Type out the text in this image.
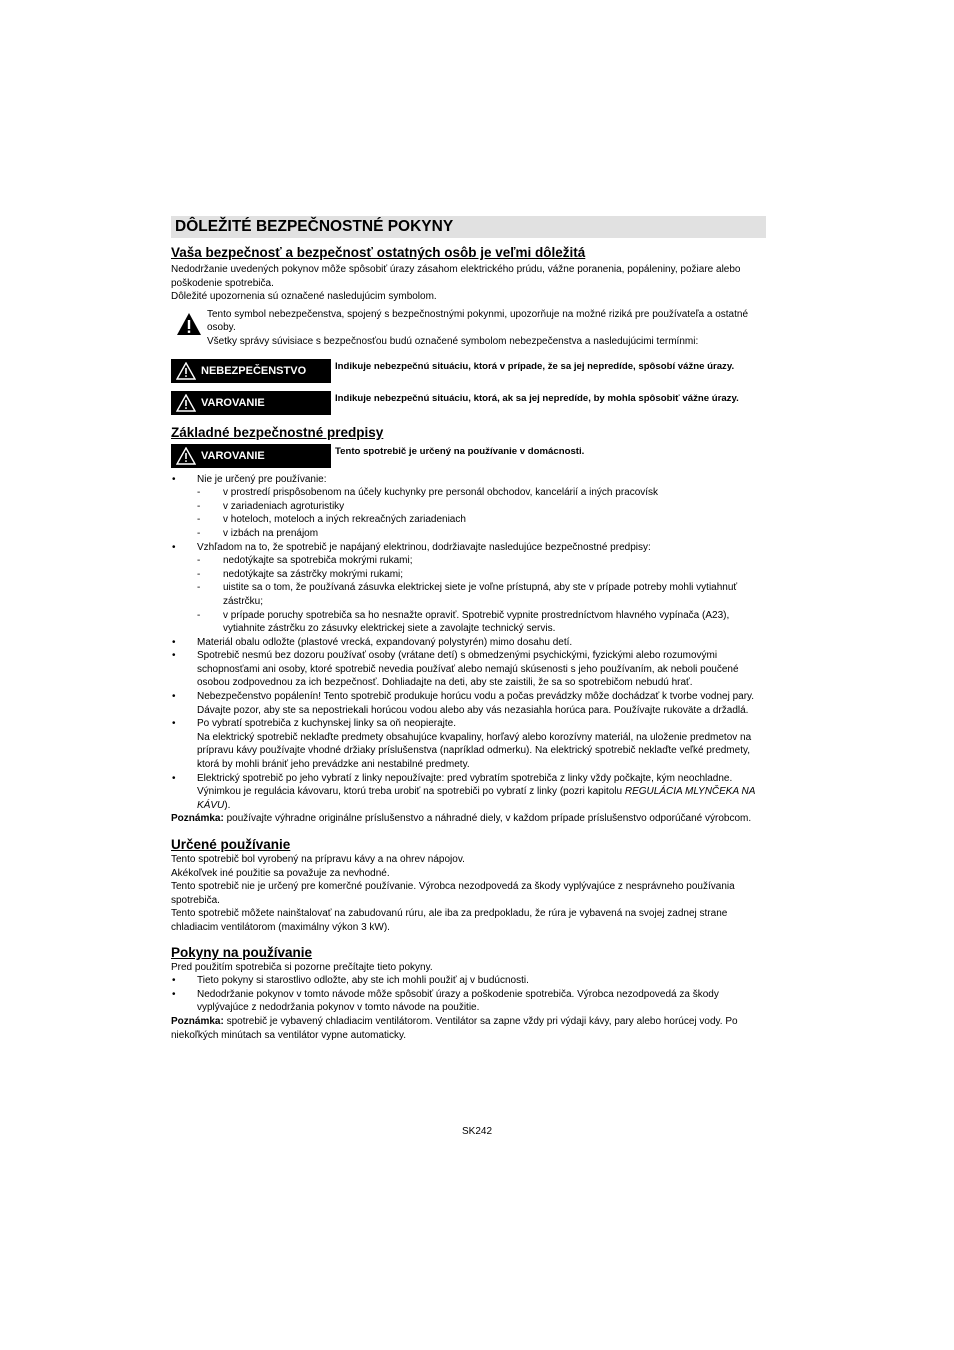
DÔLEŽITÉ BEZPEČNOSTNÉ POKYNY
Vaša bezpečnosť a bezpečnosť ostatných osôb je veľmi dôležitá

Nedodržanie uvedených pokynov môže spôsobiť úrazy zásahom elektrického prúdu, vážne poranenia, popáleniny, požiare alebo poškodenie spotrebiča.

Dôležité upozornenia sú označené nasledujúcim symbolom.

Tento symbol nebezpečenstva, spojený s bezpečnostnými pokynmi, upozorňuje na možné riziká pre používateľa a ostatné osoby.

Všetky správy súvisiace s bezpečnosťou budú označené symbolom nebezpečenstva a nasledujúcimi termínmi:

NEBEZPEČENSTVO	Indikuje nebezpečnú situáciu, ktorá v prípade, že sa jej nepredíde, spôsobí vážne úrazy.
VAROVANIE	Indikuje nebezpečnú situáciu, ktorá, ak sa jej nepredíde, by mohla spôsobiť vážne úrazy.
Základné bezpečnostné predpisy
VAROVANIE	Tento spotrebič je určený na používanie v domácnosti.
• Nie je určený pre používanie:
- v prostredí prispôsobenom na účely kuchynky pre personál obchodov, kancelárií a iných pracovísk
- v zariadeniach agroturistiky
- v hoteloch, moteloch a iných rekreačných zariadeniach
- v izbách na prenájom
• Vzhľadom na to, že spotrebič je napájaný elektrinou, dodržiavajte nasledujúce bezpečnostné predpisy:
- nedotýkajte sa spotrebiča mokrými rukami;
- nedotýkajte sa zástrčky mokrými rukami;
- uistite sa o tom, že používaná zásuvka elektrickej siete je voľne prístupná, aby ste v prípade potreby mohli vytiahnuť zástrčku;
- v prípade poruchy spotrebiča sa ho nesnažte opraviť. Spotrebič vypnite prostredníctvom hlavného vypínača (A23), vytiahnite zástrčku zo zásuvky elektrickej siete a zavolajte technický servis.
• Materiál obalu odložte (plastové vrecká, expandovaný polystyrén) mimo dosahu detí.
• Spotrebič nesmú bez dozoru používať osoby (vrátane detí) s obmedzenými psychickými, fyzickými alebo rozumovými schopnosťami ani osoby, ktoré spotrebič nevedia používať alebo nemajú skúsenosti s jeho používaním, ak neboli poučené osobou zodpovednou za ich bezpečnosť. Dohliadajte na deti, aby ste zaistili, že sa so spotrebičom nebudú hrať.
• Nebezpečenstvo popálenín! Tento spotrebič produkuje horúcu vodu a počas prevádzky môže dochádzať k tvorbe vodnej pary. Dávajte pozor, aby ste sa nepostriekali horúcou vodou alebo aby vás nezasiahla horúca para. Používajte rukoväte a držadlá.
• Po vybratí spotrebiča z kuchynskej linky sa oň neopierajte.
Na elektrický spotrebič neklaďte predmety obsahujúce kvapaliny, horľavý alebo korozívny materiál, na uloženie predmetov na prípravu kávy používajte vhodné držiaky príslušenstva (napríklad odmerku). Na elektrický spotrebič neklaďte veľké predmety, ktorá by mohli brániť jeho prevádzke ani nestabilné predmety.
• Elektrický spotrebič po jeho vybratí z linky nepoužívajte: pred vybratím spotrebiča z linky vždy počkajte, kým neochladne. Výnimkou je regulácia kávovaru, ktorú treba urobiť na spotrebiči po vybratí z linky (pozri kapitolu REGULÁCIA MLYNČEKA NA KÁVU).

Poznámka: používajte výhradne originálne príslušenstvo a náhradné diely, v každom prípade príslušenstvo odporúčané výrobcom.

Určené používanie

Tento spotrebič bol vyrobený na prípravu kávy a na ohrev nápojov.

Akékoľvek iné použitie sa považuje za nevhodné.

Tento spotrebič nie je určený pre komerčné používanie. Výrobca nezodpovedá za škody vyplývajúce z nesprávneho používania spotrebiča.

Tento spotrebič môžete nainštalovať na zabudovanú rúru, ale iba za predpokladu, že rúra je vybavená na svojej zadnej strane chladiacim ventilátorom (maximálny výkon 3 kW).

Pokyny na používanie

Pred použitím spotrebiča si pozorne prečítajte tieto pokyny.

• Tieto pokyny si starostlivo odložte, aby ste ich mohli použiť aj v budúcnosti.
• Nedodržanie pokynov v tomto návode môže spôsobiť úrazy a poškodenie spotrebiča. Výrobca nezodpovedá za škody vyplývajúce z nedodržania pokynov v tomto návode na použitie.

Poznámka: spotrebič je vybavený chladiacim ventilátorom. Ventilátor sa zapne vždy pri výdaji kávy, pary alebo horúcej vody. Po niekoľkých minútach sa ventilátor vypne automaticky.

SK242
